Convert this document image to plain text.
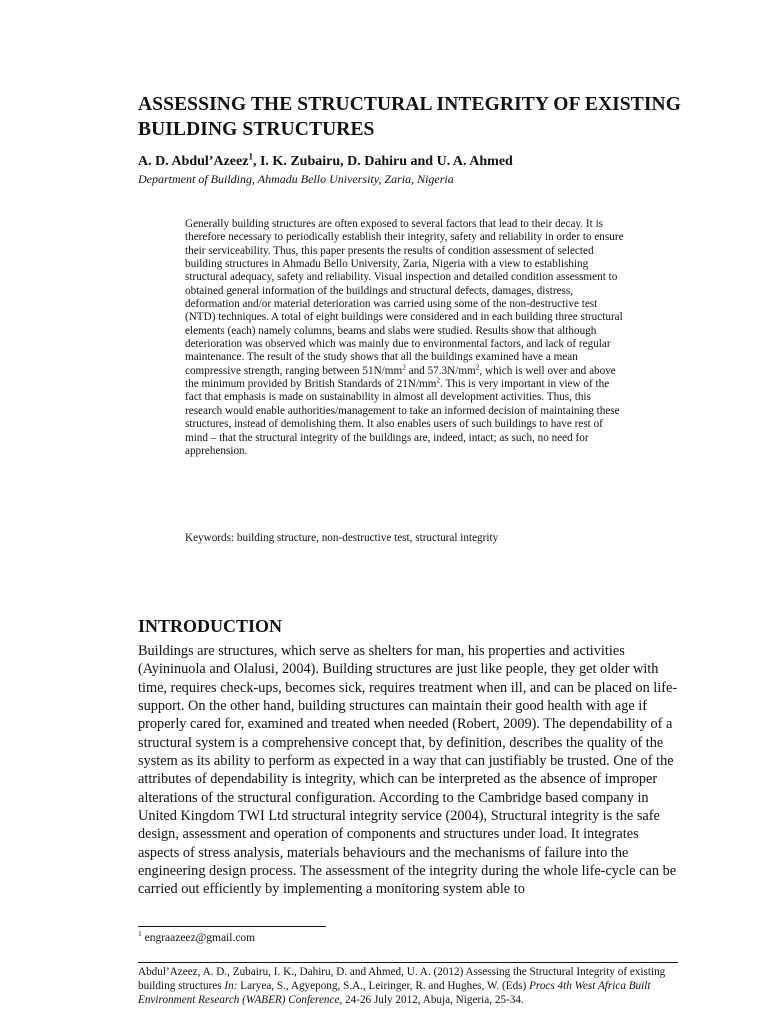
ASSESSING THE STRUCTURAL INTEGRITY OF EXISTING BUILDING STRUCTURES

A. D. Abdul’Azeez$^1$, I. K. Zubairu, D. Dahiru and U. A. Ahmed

Department of Building, Ahmadu Bello University, Zaria, Nigeria

Generally building structures are often exposed to several factors that lead to their decay. It is therefore necessary to periodically establish their integrity, safety and reliability in order to ensure their serviceability. Thus, this paper presents the results of condition assessment of selected building structures in Ahmadu Bello University, Zaria, Nigeria with a view to establishing structural adequacy, safety and reliability. Visual inspection and detailed condition assessment to obtained general information of the buildings and structural defects, damages, distress, deformation and/or material deterioration was carried using some of the non-destructive test (NTD) techniques. A total of eight buildings were considered and in each building three structural elements (each) namely columns, beams and slabs were studied. Results show that although deterioration was observed which was mainly due to environmental factors, and lack of regular maintenance. The result of the study shows that all the buildings examined have a mean compressive strength, ranging between $51N/mm^2$ and $57.3N/mm^2$, which is well over and above the minimum provided by British Standards of $21N/mm^2$. This is very important in view of the fact that emphasis is made on sustainability in almost all development activities. Thus, this research would enable authorities/management to take an informed decision of maintaining these structures, instead of demolishing them. It also enables users of such buildings to have rest of mind – that the structural integrity of the buildings are, indeed, intact; as such, no need for apprehension.

Keywords: building structure, non-destructive test, structural integrity

INTRODUCTION

Buildings are structures, which serve as shelters for man, his properties and activities (Ayininuola and Olalusi, 2004). Building structures are just like people, they get older with time, requires check-ups, becomes sick, requires treatment when ill, and can be placed on life-support. On the other hand, building structures can maintain their good health with age if properly cared for, examined and treated when needed (Robert, 2009). The dependability of a structural system is a comprehensive concept that, by definition, describes the quality of the system as its ability to perform as expected in a way that can justifiably be trusted. One of the attributes of dependability is integrity, which can be interpreted as the absence of improper alterations of the structural configuration. According to the Cambridge based company in United Kingdom TWI Ltd structural integrity service (2004), Structural integrity is the safe design, assessment and operation of components and structures under load. It integrates aspects of stress analysis, materials behaviours and the mechanisms of failure into the engineering design process. The assessment of the integrity during the whole life-cycle can be carried out efficiently by implementing a monitoring system able to

$^1$ engraazeez@gmail.com

Abdul’Azeez, A. D., Zubairu, I. K., Dahiru, D. and Ahmed, U. A. (2012) Assessing the Structural Integrity of existing building structures In: Laryea, S., Agyepong, S.A., Leiringer, R. and Hughes, W. (Eds) Procs 4th West Africa Built Environment Research (WABER) Conference, 24-26 July 2012, Abuja, Nigeria, 25-34.
